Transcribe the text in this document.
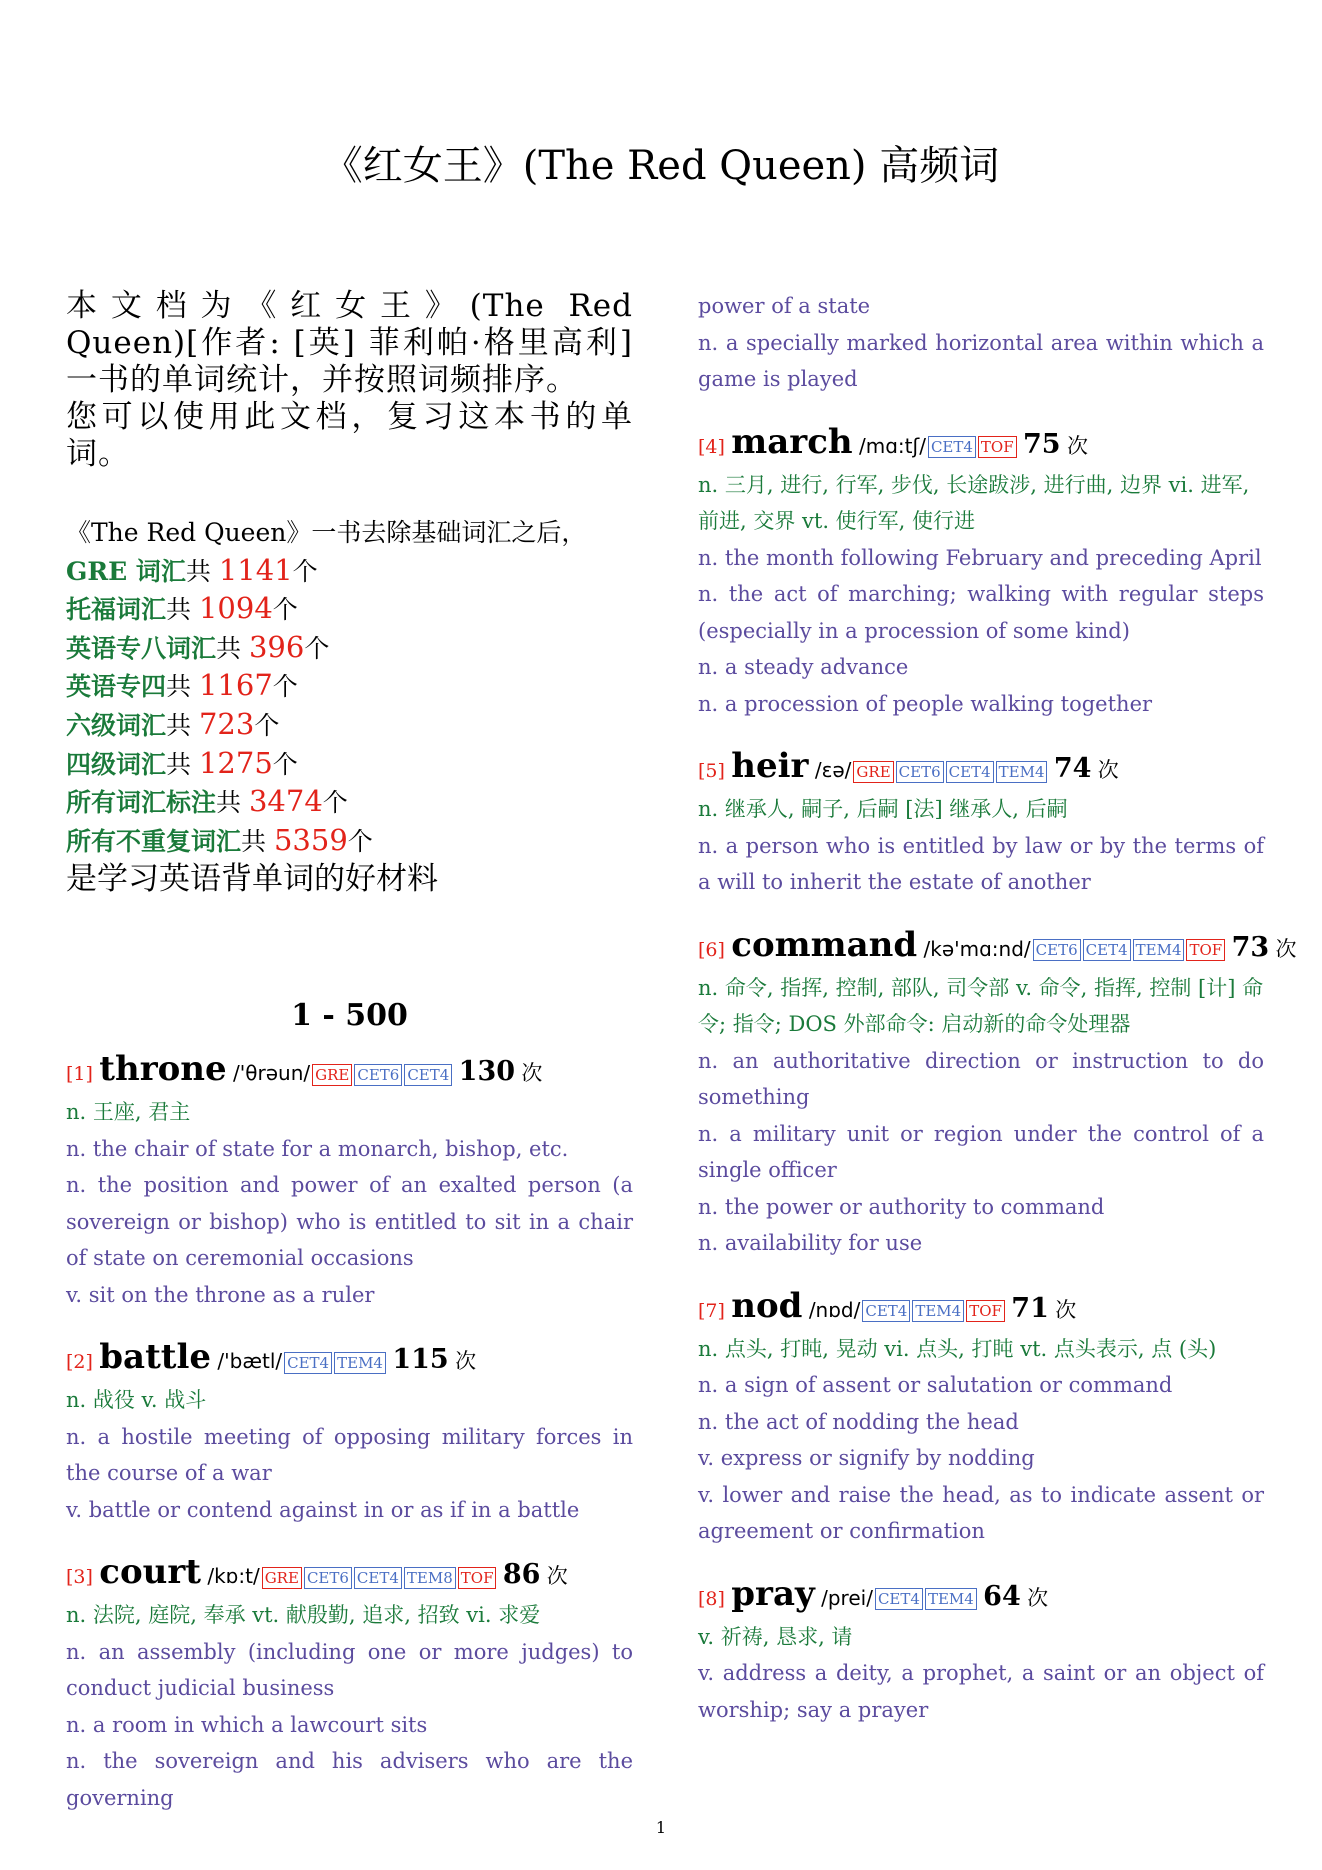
《红女王》(The Red Queen) 高频词

本文档为《红女王》(The Red Queen)[作者: [英] 菲利帕·格里高利] 一书的单词统计，并按照词频排序。

您可以使用此文档，复习这本书的单词。

《The Red Queen》一书去除基础词汇之后，
GRE 词汇共 1141个
托福词汇共 1094个
英语专八词汇共 396个
英语专四共 1167个
六级词汇共 723个
四级词汇共 1275个
所有词汇标注共 3474个
所有不重复词汇共 5359个
是学习英语背单词的好材料
1 - 500
[1] throne /'θrəun/ GRE CET6 CET4 130 次
n. 王座, 君主
n. the chair of state for a monarch, bishop, etc.
n. the position and power of an exalted person (a sovereign or bishop) who is entitled to sit in a chair of state on ceremonial occasions
v. sit on the throne as a ruler
[2] battle /'bætl/ CET4 TEM4 115 次
n. 战役 v. 战斗
n. a hostile meeting of opposing military forces in the course of a war
v. battle or contend against in or as if in a battle
[3] court /kɒ:t/ GRE CET6 CET4 TEM8 TOF 86 次
n. 法院, 庭院, 奉承 vt. 献殷勤, 追求, 招致 vi. 求爱
n. an assembly (including one or more judges) to conduct judicial business
n. a room in which a lawcourt sits
n. the sovereign and his advisers who are the governing
power of a state
n. a specially marked horizontal area within which a game is played
[4] march /mɑ:tʃ/ CET4 TOF 75 次
n. 三月, 进行, 行军, 步伐, 长途跋涉, 进行曲, 边界 vi. 进军, 前进, 交界 vt. 使行军, 使行进
n. the month following February and preceding April
n. the act of marching; walking with regular steps (especially in a procession of some kind)
n. a steady advance
n. a procession of people walking together
[5] heir /ɛə/ GRE CET6 CET4 TEM4 74 次
n. 继承人, 嗣子, 后嗣 [法] 继承人, 后嗣
n. a person who is entitled by law or by the terms of a will to inherit the estate of another
[6] command /kə'mɑ:nd/ CET6 CET4 TEM4 TOF 73 次
n. 命令, 指挥, 控制, 部队, 司令部 v. 命令, 指挥, 控制 [计] 命令; 指令; DOS 外部命令: 启动新的命令处理器
n. an authoritative direction or instruction to do something
n. a military unit or region under the control of a single officer
n. the power or authority to command
n. availability for use
[7] nod /nɒd/ CET4 TEM4 TOF 71 次
n. 点头, 打盹, 晃动 vi. 点头, 打盹 vt. 点头表示, 点 (头)
n. a sign of assent or salutation or command
n. the act of nodding the head
v. express or signify by nodding
v. lower and raise the head, as to indicate assent or agreement or confirmation
[8] pray /prei/ CET4 TEM4 64 次
v. 祈祷, 恳求, 请
v. address a deity, a prophet, a saint or an object of worship; say a prayer
1
